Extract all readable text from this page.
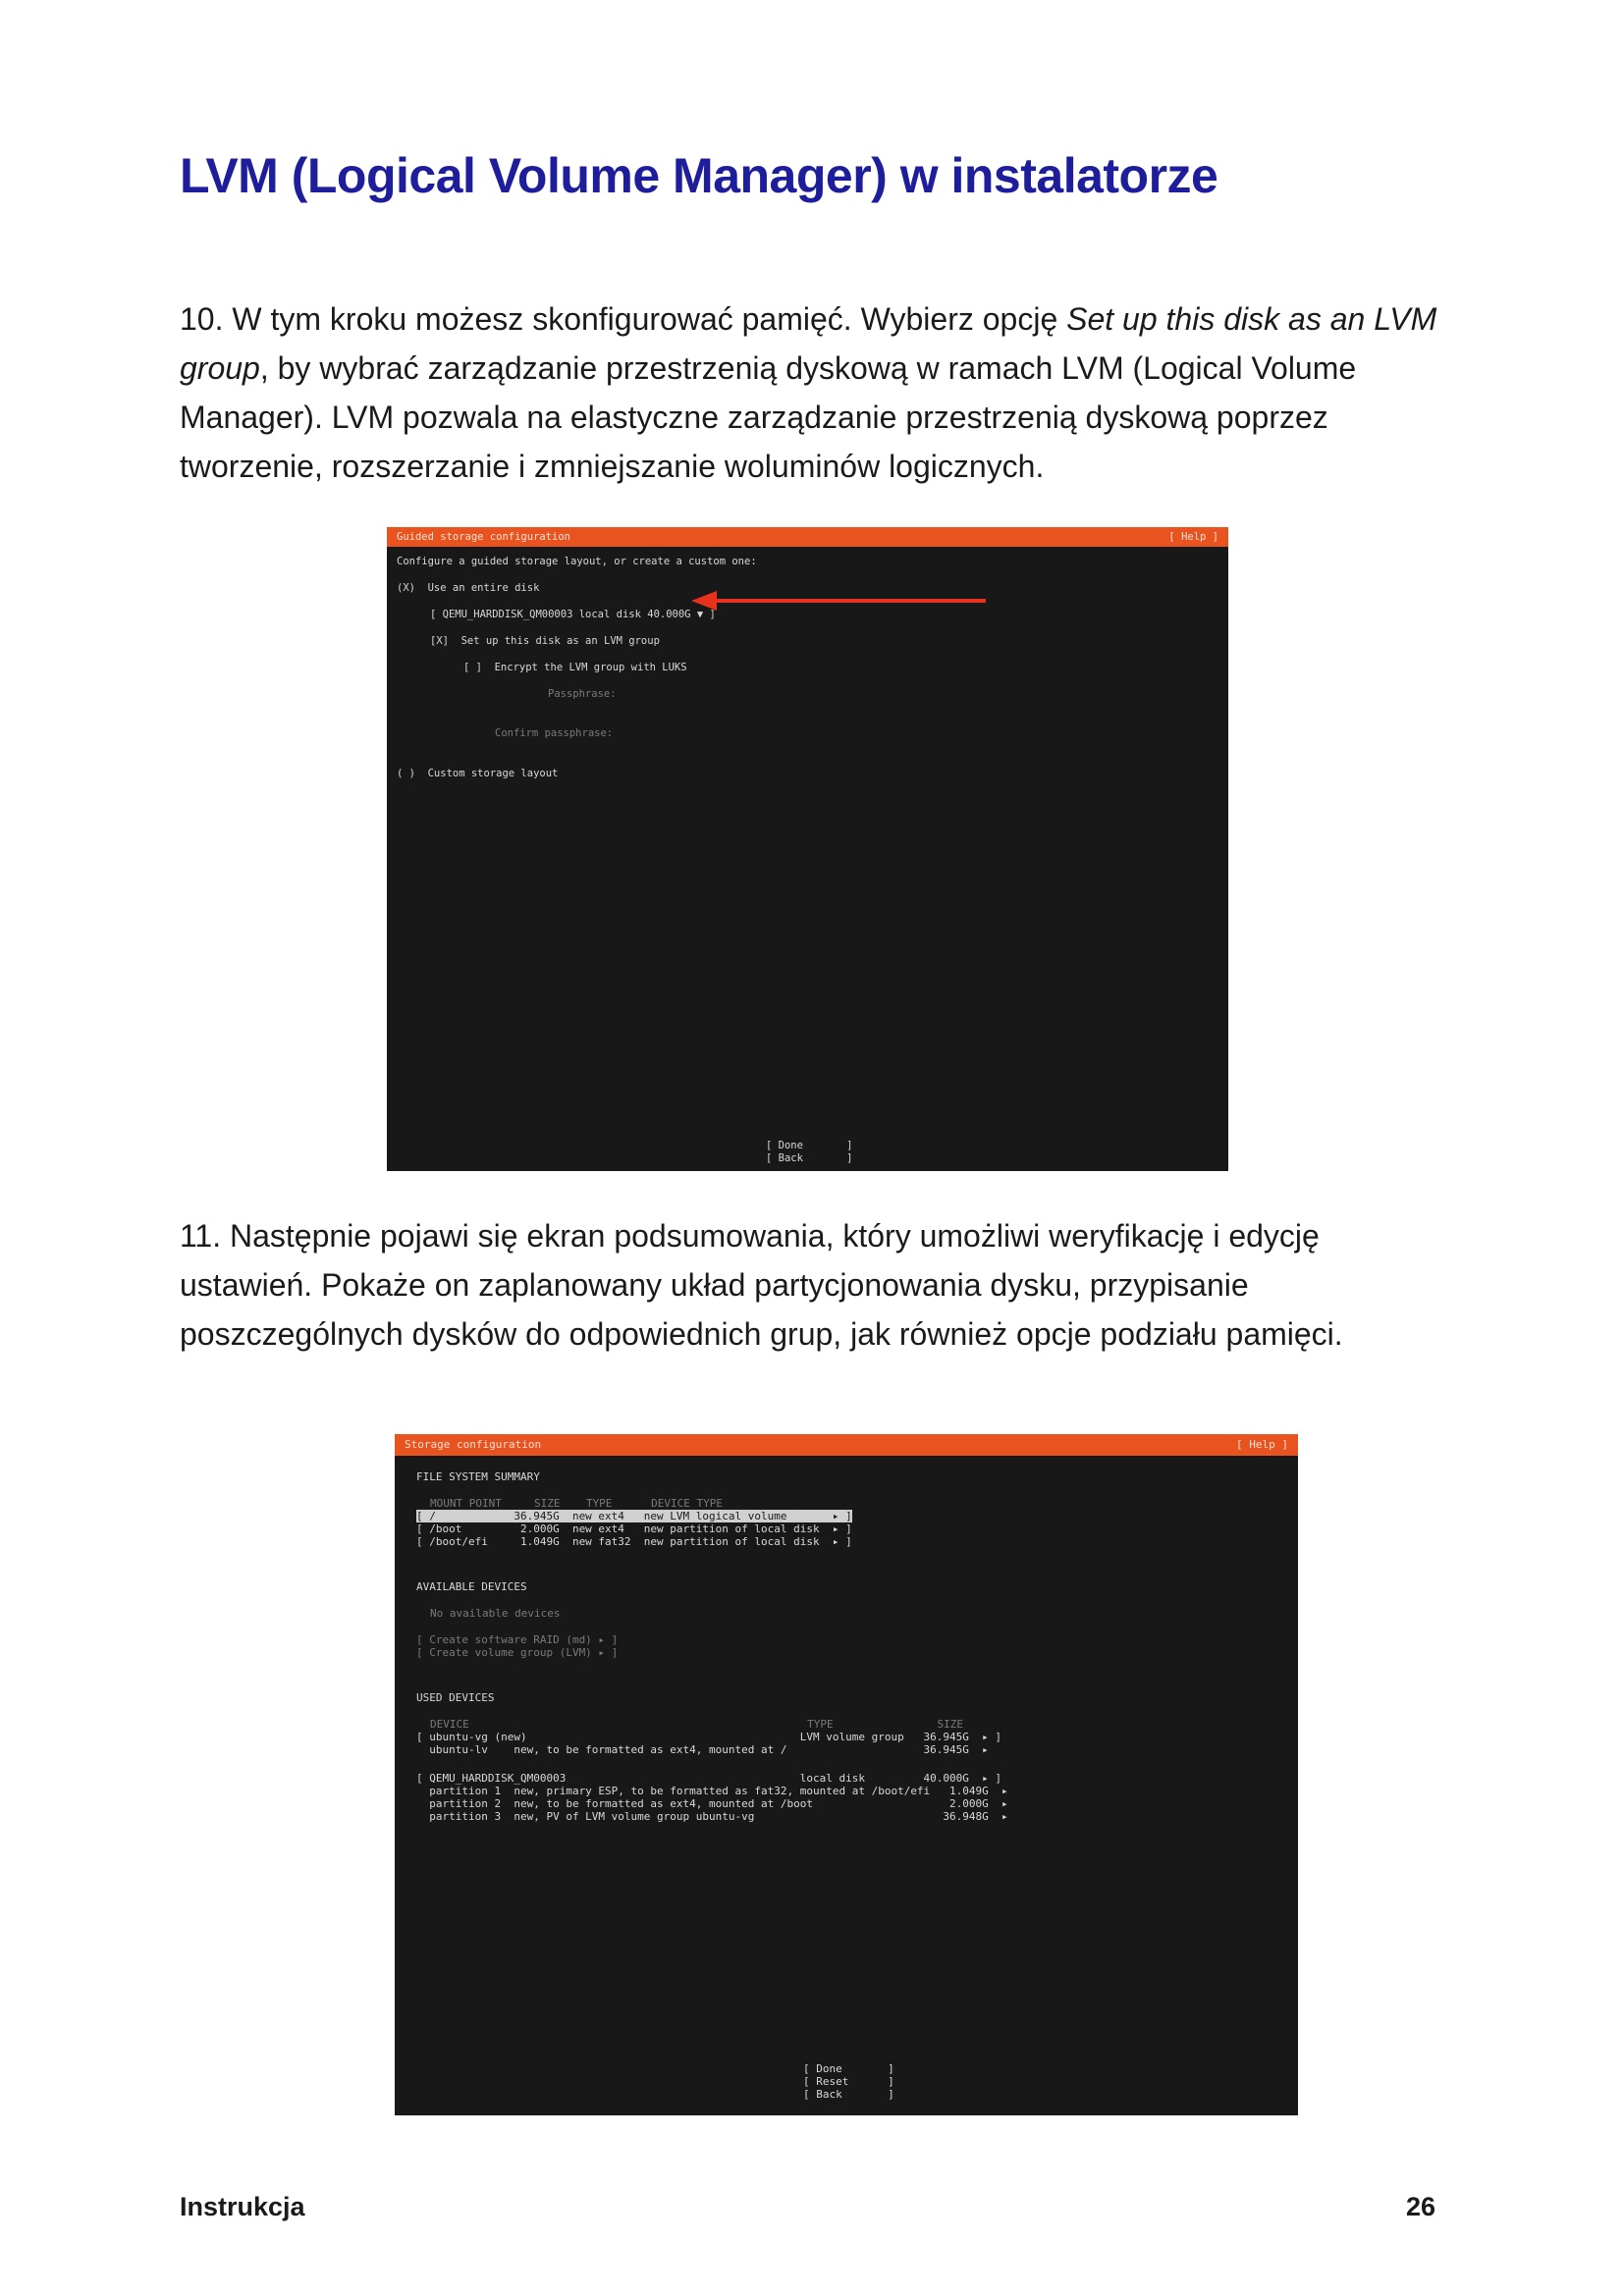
LVM (Logical Volume Manager) w instalatorze

10. W tym kroku możesz skonfigurować pamięć. Wybierz opcję Set up this disk as an LVM group, by wybrać zarządzanie przestrzenią dyskową w ramach LVM (Logical Volume Manager). LVM pozwala na elastyczne zarządzanie przestrzenią dyskową poprzez tworzenie, rozszerzanie i zmniejszanie woluminów logicznych.

Guided storage configuration	[ Help ]
Configure a guided storage layout, or create a custom one:
(X)  Use an entire disk
[ QEMU_HARDDISK_QM00003 local disk 40.000G ▼ ]
[X]  Set up this disk as an LVM group
[ ]  Encrypt the LVM group with LUKS
Passphrase:
Confirm passphrase:
( )  Custom storage layout
[ Done       ]
[ Back       ]

11. Następnie pojawi się ekran podsumowania, który umożliwi weryfikację i edycję ustawień. Pokaże on zaplanowany układ partycjonowania dysku, przypisanie poszczególnych dysków do odpowiednich grup, jak również opcje podziału pamięci.

Storage configuration	[ Help ]
FILE SYSTEM SUMMARY
MOUNT POINT     SIZE    TYPE      DEVICE TYPE
[ /            36.945G  new ext4   new LVM logical volume       ▸ ]
[ /boot         2.000G  new ext4   new partition of local disk  ▸ ]
[ /boot/efi     1.049G  new fat32  new partition of local disk  ▸ ]
AVAILABLE DEVICES
No available devices
[ Create software RAID (md) ▸ ]
[ Create volume group (LVM) ▸ ]
USED DEVICES
DEVICE                                                    TYPE                SIZE
[ ubuntu-vg (new)                                          LVM volume group   36.945G  ▸ ]
ubuntu-lv    new, to be formatted as ext4, mounted at /                     36.945G  ▸
[ QEMU_HARDDISK_QM00003                                    local disk         40.000G  ▸ ]
partition 1  new, primary ESP, to be formatted as fat32, mounted at /boot/efi   1.049G  ▸
partition 2  new, to be formatted as ext4, mounted at /boot                     2.000G  ▸
partition 3  new, PV of LVM volume group ubuntu-vg                             36.948G  ▸
[ Done       ]
[ Reset      ]
[ Back       ]

Instrukcja	26
